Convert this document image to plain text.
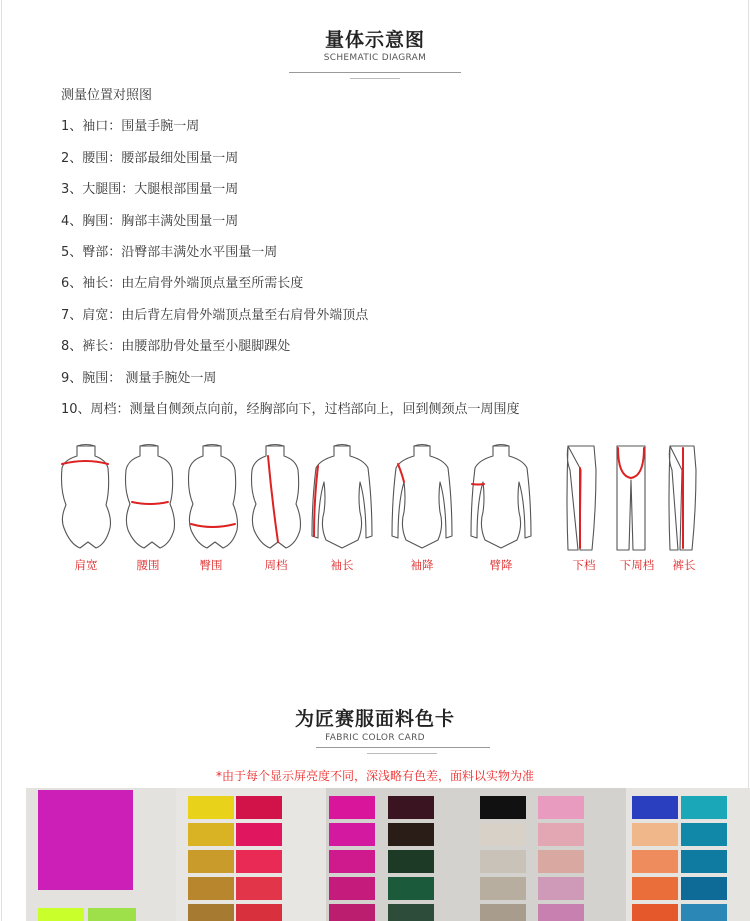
量体示意图
SCHEMATIC DIAGRAM
测量位置对照图
1、袖口：围量手腕一周
2、腰围：腰部最细处围量一周
3、大腿围：大腿根部围量一周
4、胸围：胸部丰满处围量一周
5、臀部：沿臀部丰满处水平围量一周
6、袖长：由左肩骨外端顶点量至所需长度
7、肩宽：由后背左肩骨外端顶点量至右肩骨外端顶点
8、裤长：由腰部肋骨处量至小腿脚踝处
9、腕围： 测量手腕处一周
10、周档：测量自侧颈点向前，经胸部向下，过档部向上，回到侧颈点一周围度
肩宽	腰围	臀围	周档	袖长	袖降	臂降	下档 下周档 裤长
为匠赛服面料色卡
FABRIC COLOR CARD
*由于每个显示屏亮度不同，深浅略有色差，面料以实物为准
